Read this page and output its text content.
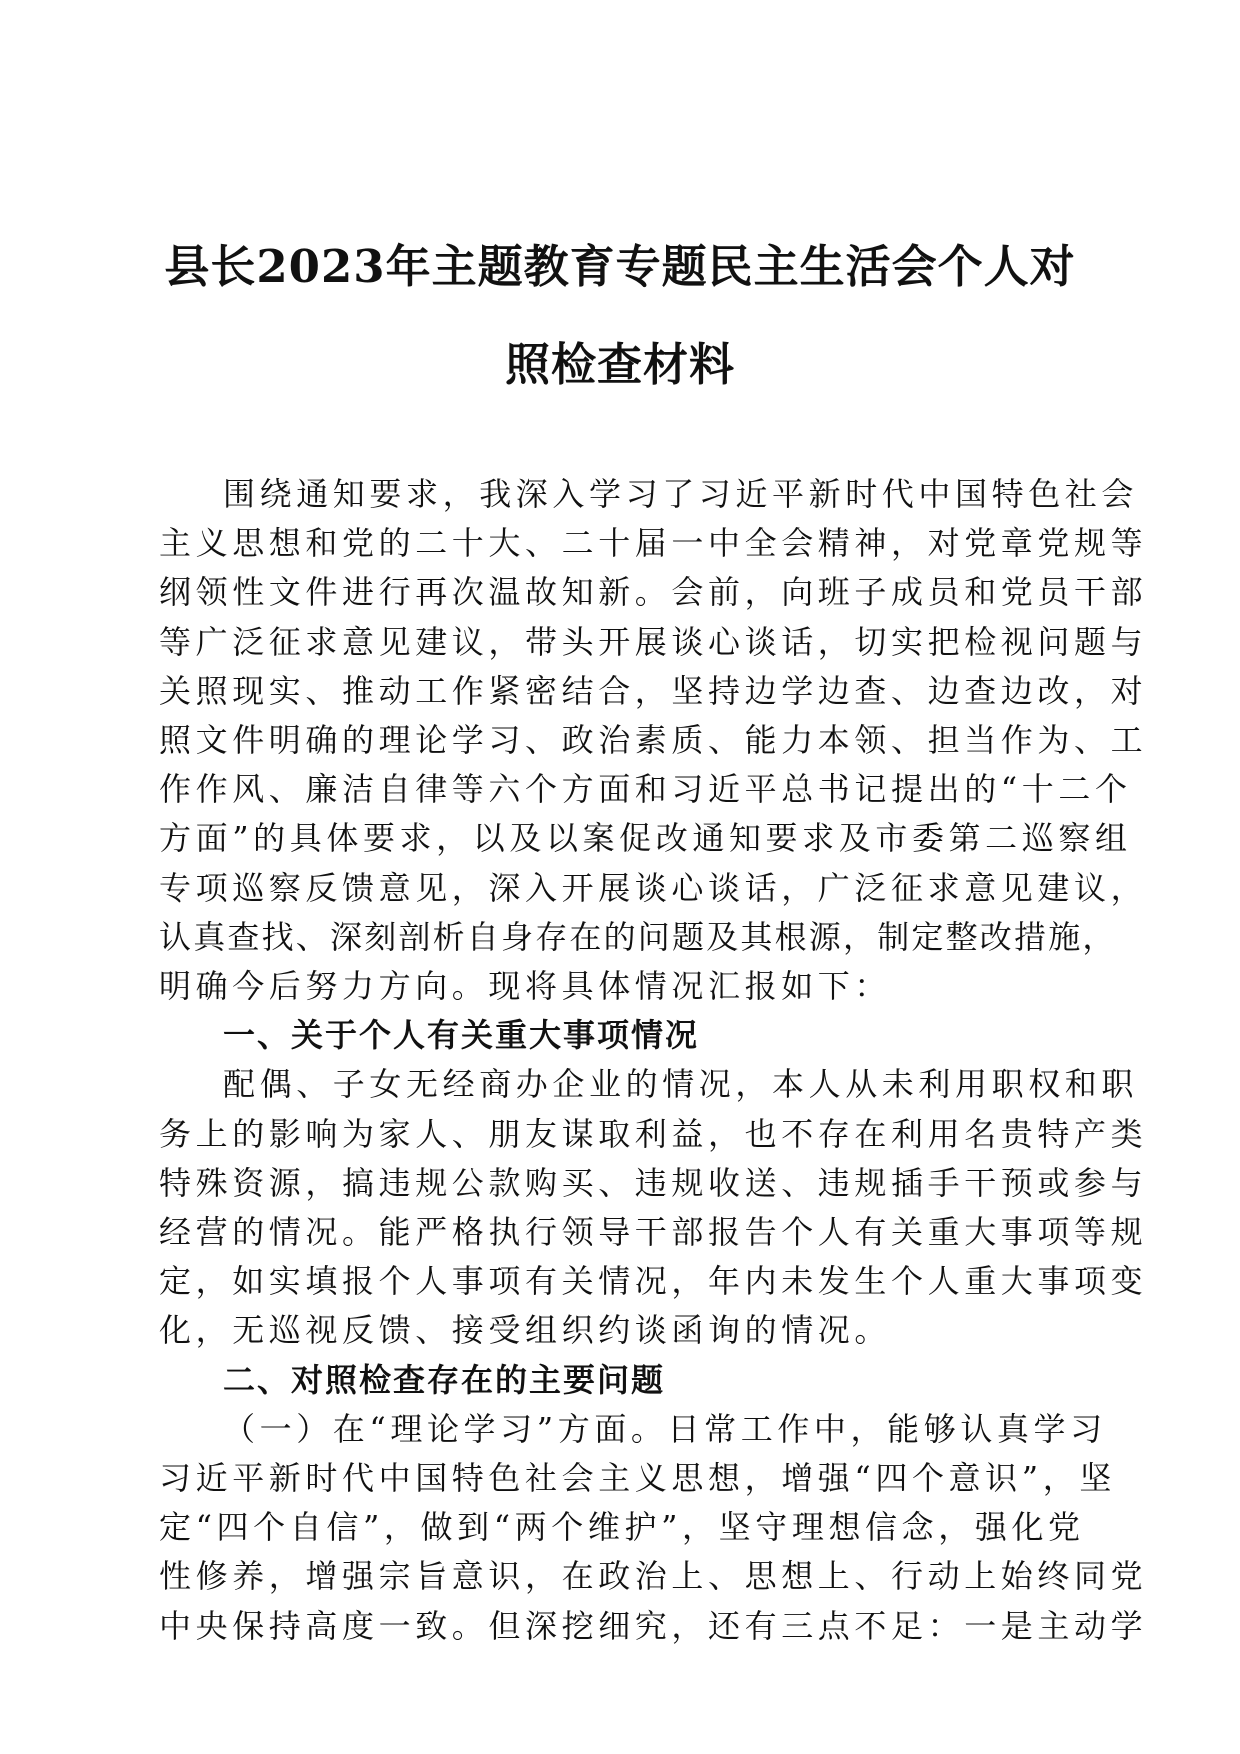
县长2023年主题教育专题民主生活会个人对
照检查材料
围绕通知要求，我深入学习了习近平新时代中国特色社会
主义思想和党的二十大、二十届一中全会精神，对党章党规等
纲领性文件进行再次温故知新。会前，向班子成员和党员干部
等广泛征求意见建议，带头开展谈心谈话，切实把检视问题与
关照现实、推动工作紧密结合，坚持边学边查、边查边改，对
照文件明确的理论学习、政治素质、能力本领、担当作为、工
作作风、廉洁自律等六个方面和习近平总书记提出的“十二个
方面”的具体要求，以及以案促改通知要求及市委第二巡察组
专项巡察反馈意见，深入开展谈心谈话，广泛征求意见建议，
认真查找、深刻剖析自身存在的问题及其根源，制定整改措施，
明确今后努力方向。现将具体情况汇报如下：
一、关于个人有关重大事项情况
配偶、子女无经商办企业的情况，本人从未利用职权和职
务上的影响为家人、朋友谋取利益，也不存在利用名贵特产类
特殊资源，搞违规公款购买、违规收送、违规插手干预或参与
经营的情况。能严格执行领导干部报告个人有关重大事项等规
定，如实填报个人事项有关情况，年内未发生个人重大事项变
化，无巡视反馈、接受组织约谈函询的情况。
二、对照检查存在的主要问题
（一）在“理论学习”方面。日常工作中，能够认真学习
习近平新时代中国特色社会主义思想，增强“四个意识”，坚
定“四个自信”，做到“两个维护”，坚守理想信念，强化党
性修养，增强宗旨意识，在政治上、思想上、行动上始终同党
中央保持高度一致。但深挖细究，还有三点不足：一是主动学
